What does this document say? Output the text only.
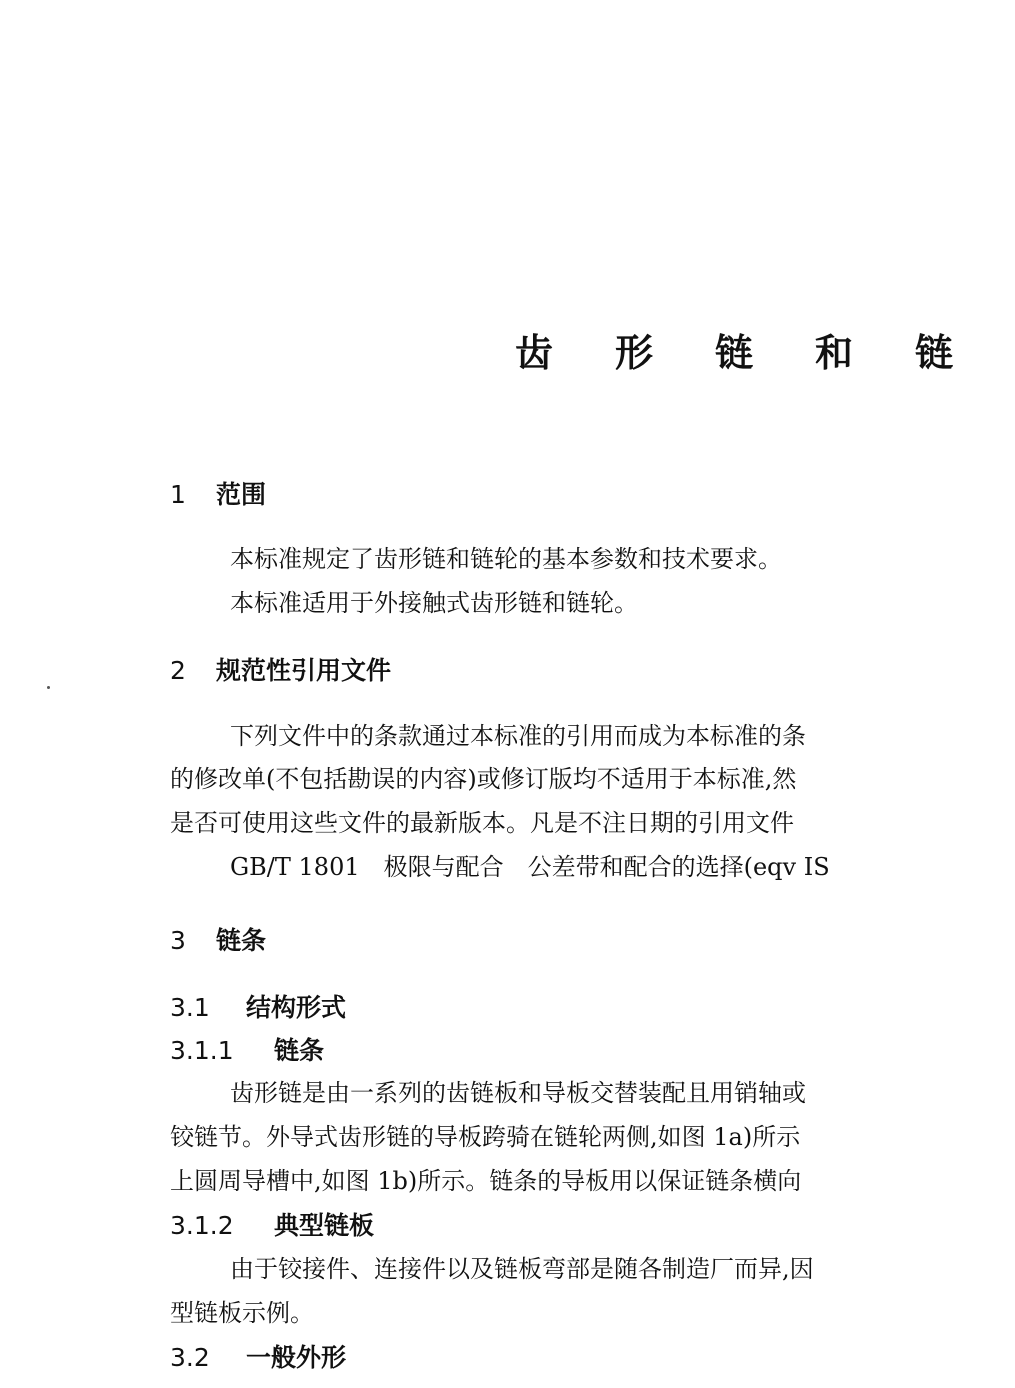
齿形链和链
1 范围
本标准规定了齿形链和链轮的基本参数和技术要求。
本标准适用于外接触式齿形链和链轮。
2 规范性引用文件
下列文件中的条款通过本标准的引用而成为本标准的条
的修改单(不包括勘误的内容)或修订版均不适用于本标准,然
是否可使用这些文件的最新版本。凡是不注日期的引用文件
GB/T 1801　极限与配合　公差带和配合的选择(eqv IS
3 链条
3.1 结构形式
3.1.1 链条
齿形链是由一系列的齿链板和导板交替装配且用销轴或
铰链节。外导式齿形链的导板跨骑在链轮两侧,如图 1a)所示
上圆周导槽中,如图 1b)所示。链条的导板用以保证链条横向
3.1.2 典型链板
由于铰接件、连接件以及链板弯部是随各制造厂而异,因
型链板示例。
3.2 一般外形
